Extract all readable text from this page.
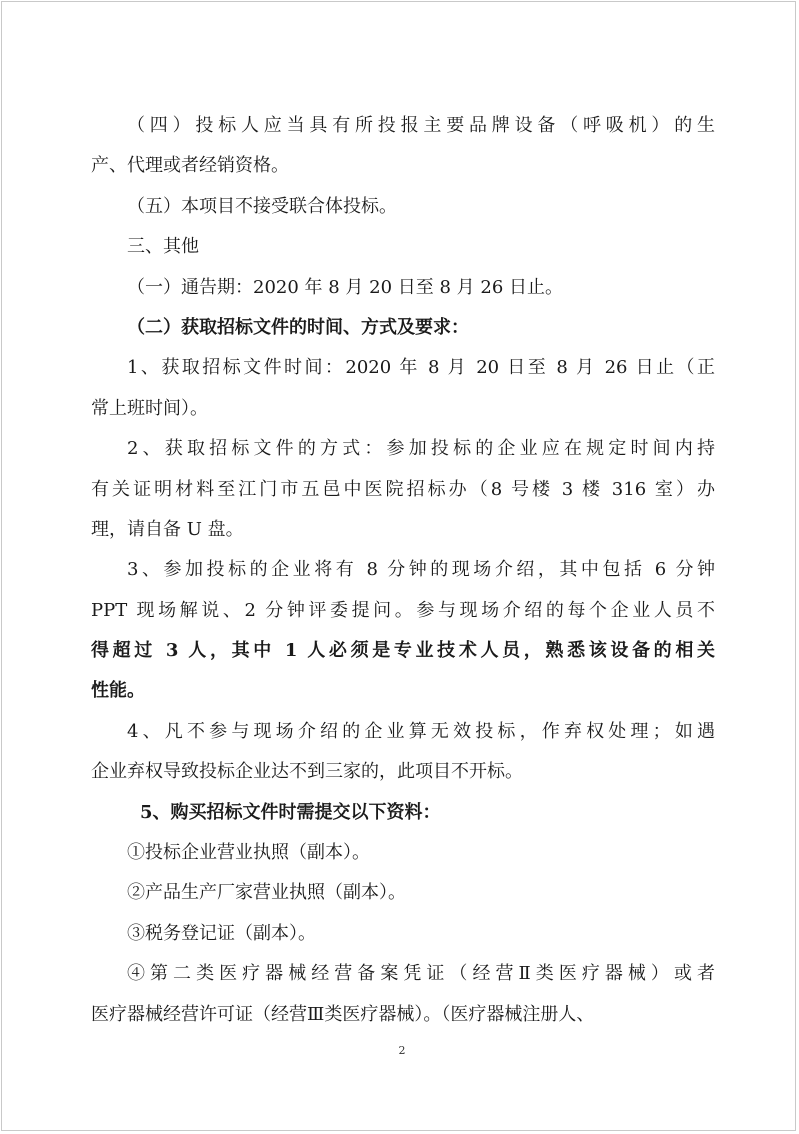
（四）投标人应当具有所投报主要品牌设备（呼吸机）的生
产、代理或者经销资格。
（五）本项目不接受联合体投标。
三、其他
（一）通告期：2020 年 8 月 20 日至 8 月 26 日止。
（二）获取招标文件的时间、方式及要求：
1、获取招标文件时间：2020 年 8 月 20 日至 8 月 26 日止（正
常上班时间）。
2、获取招标文件的方式：参加投标的企业应在规定时间内持
有关证明材料至江门市五邑中医院招标办（8 号楼 3 楼 316 室）办
理，请自备 U 盘。
3、参加投标的企业将有 8 分钟的现场介绍，其中包括 6 分钟
PPT 现场解说、2 分钟评委提问。参与现场介绍的每个企业人员不
得超过 3 人，其中 1 人必须是专业技术人员，熟悉该设备的相关
性能。
4、凡不参与现场介绍的企业算无效投标，作弃权处理；如遇
企业弃权导致投标企业达不到三家的，此项目不开标。
5、购买招标文件时需提交以下资料：
①投标企业营业执照（副本）。
②产品生产厂家营业执照（副本）。
③税务登记证（副本）。
④第二类医疗器械经营备案凭证（经营Ⅱ类医疗器械）或者
医疗器械经营许可证（经营Ⅲ类医疗器械）。（医疗器械注册人、
2
